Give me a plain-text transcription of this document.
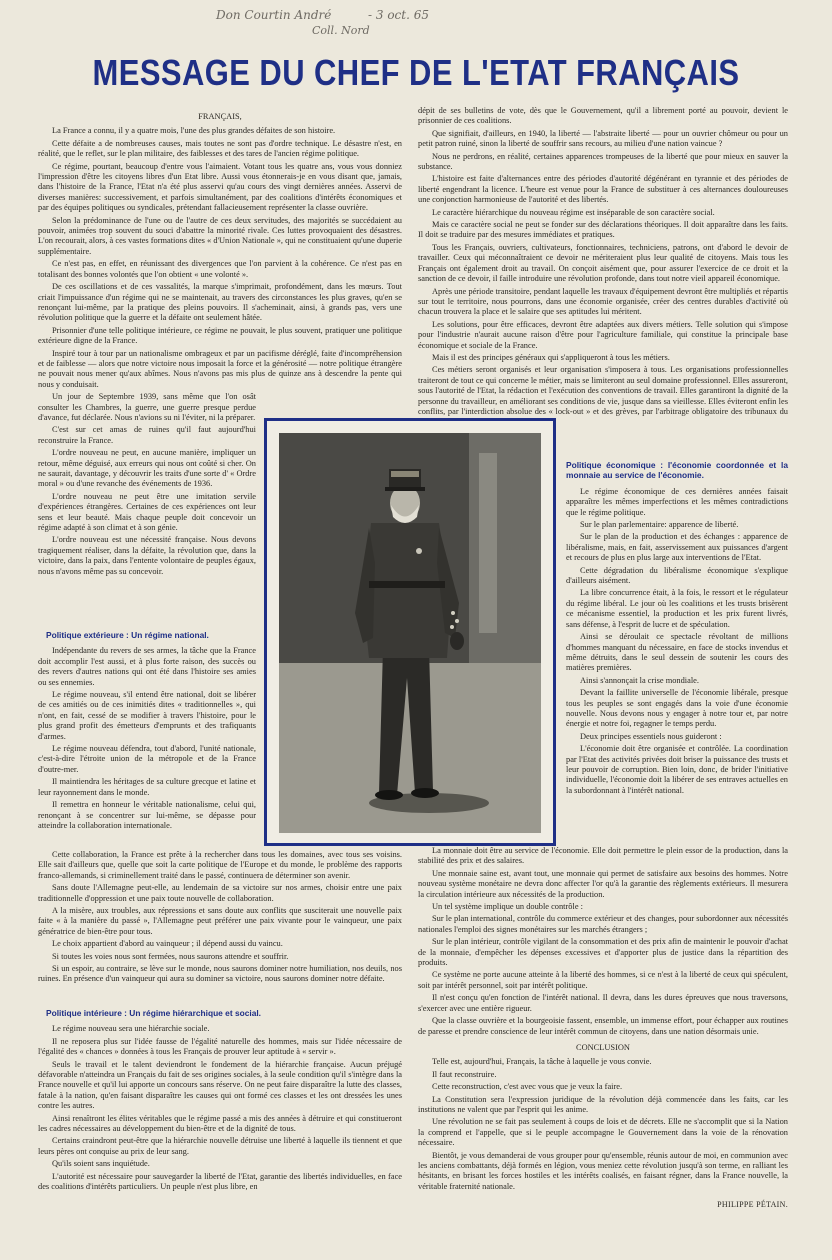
Don Courtin André	- 3 oct. 65
Coll. Nord
MESSAGE DU CHEF DE L'ETAT FRANÇAIS
FRANÇAIS,

La France a connu, il y a quatre mois, l'une des plus grandes défaites de son histoire.

Cette défaite a de nombreuses causes, mais toutes ne sont pas d'ordre technique. Le désastre n'est, en réalité, que le reflet, sur le plan militaire, des faiblesses et des tares de l'ancien régime politique.

Ce régime, pourtant, beaucoup d'entre vous l'aimaient. Votant tous les quatre ans, vous vous donniez l'impression d'être les citoyens libres d'un Etat libre. Aussi vous étonnerais-je en vous disant que, jamais, dans l'histoire de la France, l'Etat n'a été plus asservi qu'au cours des vingt dernières années. Asservi de diverses manières: successivement, et parfois simultanément, par des coalitions d'intérêts économiques et par des équipes politiques ou syndicales, prétendant fallacieusement représenter la classe ouvrière.

Selon la prédominance de l'une ou de l'autre de ces deux servitudes, des majorités se succédaient au pouvoir, animées trop souvent du souci d'abattre la minorité rivale. Ces luttes provoquaient des désastres. L'on recourait, alors, à ces vastes formations dites « d'Union Nationale », qui ne constituaient qu'une duperie supplémentaire.

Ce n'est pas, en effet, en réunissant des divergences que l'on parvient à la cohérence. Ce n'est pas en totalisant des bonnes volontés que l'on obtient « une volonté ».

De ces oscillations et de ces vassalités, la marque s'imprimait, profondément, dans les mœurs. Tout criait l'impuissance d'un régime qui ne se maintenait, au travers des circonstances les plus graves, qu'en se renonçant lui-même, par la pratique des pleins pouvoirs. Il s'acheminait, ainsi, à grands pas, vers une révolution politique que la guerre et la défaite ont seulement hâtée.

Prisonnier d'une telle politique intérieure, ce régime ne pouvait, le plus souvent, pratiquer une politique extérieure digne de la France.

Inspiré tour à tour par un nationalisme ombrageux et par un pacifisme déréglé, faite d'incompréhension et de faiblesse — alors que notre victoire nous imposait la force et la générosité — notre politique étrangère ne pouvait nous mener qu'aux abîmes. Nous n'avons pas mis plus de quinze ans à descendre la pente qui nous y conduisait.

Un jour de Septembre 1939, sans même que l'on osât consulter les Chambres, la guerre, une guerre presque perdue d'avance, fut déclarée. Nous n'avions su ni l'éviter, ni la préparer.

C'est sur cet amas de ruines qu'il faut aujourd'hui reconstruire la France.

L'ordre nouveau ne peut, en aucune manière, impliquer un retour, même déguisé, aux erreurs qui nous ont coûté si cher. On ne saurait, davantage, y découvrir les traits d'une sorte d' « Ordre moral » ou d'une revanche des événements de 1936.

L'ordre nouveau ne peut être une imitation servile d'expériences étrangères. Certaines de ces expériences ont leur sens et leur beauté. Mais chaque peuple doit concevoir un régime adapté à son climat et à son génie.

L'ordre nouveau est une nécessité française. Nous devons tragiquement réaliser, dans la défaite, la révolution que, dans la victoire, dans la paix, dans l'entente volontaire de peuples égaux, nous n'avons même pas su concevoir.

Politique extérieure : Un régime national.

Indépendante du revers de ses armes, la tâche que la France doit accomplir l'est aussi, et à plus forte raison, des succès ou des revers d'autres nations qui ont été dans l'histoire ses amies ou ses ennemies.

Le régime nouveau, s'il entend être national, doit se libérer de ces amitiés ou de ces inimitiés dites « traditionnelles », qui n'ont, en fait, cessé de se modifier à travers l'histoire, pour le plus grand profit des émetteurs d'emprunts et des trafiquants d'armes.

Le régime nouveau défendra, tout d'abord, l'unité nationale, c'est-à-dire l'étroite union de la métropole et de la France d'outre-mer.

Il maintiendra les héritages de sa culture grecque et latine et leur rayonnement dans le monde.

Il remettra en honneur le véritable nationalisme, celui qui, renonçant à se concentrer sur lui-même, se dépasse pour atteindre la collaboration internationale.

Cette collaboration, la France est prête à la rechercher dans tous les domaines, avec tous ses voisins. Elle sait d'ailleurs que, quelle que soit la carte politique de l'Europe et du monde, le problème des rapports franco-allemands, si criminellement traité dans le passé, continuera de déterminer son avenir.

Sans doute l'Allemagne peut-elle, au lendemain de sa victoire sur nos armes, choisir entre une paix traditionnelle d'oppression et une paix toute nouvelle de collaboration.

A la misère, aux troubles, aux répressions et sans doute aux conflits que susciterait une nouvelle paix faite « à la manière du passé », l'Allemagne peut préférer une paix vivante pour le vainqueur, une paix génératrice de bien-être pour tous.

Le choix appartient d'abord au vainqueur ; il dépend aussi du vaincu.

Si toutes les voies nous sont fermées, nous saurons attendre et souffrir.

Si un espoir, au contraire, se lève sur le monde, nous saurons dominer notre humiliation, nos deuils, nos ruines. En présence d'un vainqueur qui aura su dominer sa victoire, nous saurons dominer notre défaite.

Politique intérieure : Un régime hiérarchique et social.

Le régime nouveau sera une hiérarchie sociale.

Il ne reposera plus sur l'idée fausse de l'égalité naturelle des hommes, mais sur l'idée nécessaire de l'égalité des « chances » données à tous les Français de prouver leur aptitude à « servir ».

Seuls le travail et le talent deviendront le fondement de la hiérarchie française. Aucun préjugé défavorable n'atteindra un Français du fait de ses origines sociales, à la seule condition qu'il s'intègre dans la France nouvelle et qu'il lui apporte un concours sans réserve. On ne peut faire disparaître la lutte des classes, fatale à la nation, qu'en faisant disparaître les causes qui ont formé ces classes et les ont dressées les unes contre les autres.

Ainsi renaîtront les élites véritables que le régime passé a mis des années à détruire et qui constitueront les cadres nécessaires au développement du bien-être et de la dignité de tous.

Certains craindront peut-être que la hiérarchie nouvelle détruise une liberté à laquelle ils tiennent et que leurs pères ont conquise au prix de leur sang.

Qu'ils soient sans inquiétude.

L'autorité est nécessaire pour sauvegarder la liberté de l'Etat, garantie des libertés individuelles, en face des coalitions d'intérêts particuliers. Un peuple n'est plus libre, en

dépit de ses bulletins de vote, dès que le Gouvernement, qu'il a librement porté au pouvoir, devient le prisonnier de ces coalitions.

Que signifiait, d'ailleurs, en 1940, la liberté — l'abstraite liberté — pour un ouvrier chômeur ou pour un petit patron ruiné, sinon la liberté de souffrir sans recours, au milieu d'une nation vaincue ?

Nous ne perdrons, en réalité, certaines apparences trompeuses de la liberté que pour mieux en sauver la substance.

L'histoire est faite d'alternances entre des périodes d'autorité dégénérant en tyrannie et des périodes de liberté engendrant la licence. L'heure est venue pour la France de substituer à ces alternances douloureuses une conjonction harmonieuse de l'autorité et des libertés.

Le caractère hiérarchique du nouveau régime est inséparable de son caractère social.

Mais ce caractère social ne peut se fonder sur des déclarations théoriques. Il doit apparaître dans les faits. Il doit se traduire par des mesures immédiates et pratiques.

Tous les Français, ouvriers, cultivateurs, fonctionnaires, techniciens, patrons, ont d'abord le devoir de travailler. Ceux qui méconnaîtraient ce devoir ne mériteraient plus leur qualité de citoyens. Mais tous les Français ont également droit au travail. On conçoit aisément que, pour assurer l'exercice de ce droit et la sanction de ce devoir, il faille introduire une révolution profonde, dans tout notre vieil appareil économique.

Après une période transitoire, pendant laquelle les travaux d'équipement devront être multipliés et répartis sur tout le territoire, nous pourrons, dans une économie organisée, créer des centres durables d'activité où chacun trouvera la place et le salaire que ses aptitudes lui méritent.

Les solutions, pour être efficaces, devront être adaptées aux divers métiers. Telle solution qui s'impose pour l'industrie n'aurait aucune raison d'être pour l'agriculture familiale, qui constitue la principale base économique et sociale de la France.

Mais il est des principes généraux qui s'appliqueront à tous les métiers.

Ces métiers seront organisés et leur organisation s'imposera à tous. Les organisations professionnelles traiteront de tout ce qui concerne le métier, mais se limiteront au seul domaine professionnel. Elles assureront, sous l'autorité de l'Etat, la rédaction et l'exécution des conventions de travail. Elles garantiront la dignité de la personne du travailleur, en améliorant ses conditions de vie, jusque dans sa vieillesse. Elles éviteront enfin les conflits, par l'interdiction absolue des « lock-out » et des grèves, par l'arbitrage obligatoire des tribunaux du

Politique économique : l'économie coordonnée et la monnaie au service de l'économie.

Le régime économique de ces dernières années faisait apparaître les mêmes imperfections et les mêmes contradictions que le régime politique.

Sur le plan parlementaire: apparence de liberté.

Sur le plan de la production et des échanges : apparence de libéralisme, mais, en fait, asservissement aux puissances d'argent et recours de plus en plus large aux interventions de l'Etat.

Cette dégradation du libéralisme économique s'explique d'ailleurs aisément.

La libre concurrence était, à la fois, le ressort et le régulateur du régime libéral. Le jour où les coalitions et les trusts brisèrent ce mécanisme essentiel, la production et les prix furent livrés, sans défense, à l'esprit de lucre et de spéculation.

Ainsi se déroulait ce spectacle révoltant de millions d'hommes manquant du nécessaire, en face de stocks invendus et même détruits, dans le seul dessein de soutenir les cours des matières premières.

Ainsi s'annonçait la crise mondiale.

Devant la faillite universelle de l'économie libérale, presque tous les peuples se sont engagés dans la voie d'une économie nouvelle. Nous devons nous y engager à notre tour et, par notre énergie et notre foi, regagner le temps perdu.

Deux principes essentiels nous guideront :

L'économie doit être organisée et contrôlée. La coordination par l'Etat des activités privées doit briser la puissance des trusts et leur pouvoir de corruption. Bien loin, donc, de brider l'initiative individuelle, l'économie doit la libérer de ses entraves actuelles en la subordonnant à l'intérêt national.

La monnaie doit être au service de l'économie. Elle doit permettre le plein essor de la production, dans la stabilité des prix et des salaires.

Une monnaie saine est, avant tout, une monnaie qui permet de satisfaire aux besoins des hommes. Notre nouveau système monétaire ne devra donc affecter l'or qu'à la garantie des règlements extérieurs. Il mesurera la circulation intérieure aux nécessités de la production.

Un tel système implique un double contrôle :

Sur le plan international, contrôle du commerce extérieur et des changes, pour subordonner aux nécessités nationales l'emploi des signes monétaires sur les marchés étrangers ;

Sur le plan intérieur, contrôle vigilant de la consommation et des prix afin de maintenir le pouvoir d'achat de la monnaie, d'empêcher les dépenses excessives et d'apporter plus de justice dans la répartition des produits.

Ce système ne porte aucune atteinte à la liberté des hommes, si ce n'est à la liberté de ceux qui spéculent, soit par intérêt personnel, soit par intérêt politique.

Il n'est conçu qu'en fonction de l'intérêt national. Il devra, dans les dures épreuves que nous traversons, s'exercer avec une entière rigueur.

Que la classe ouvrière et la bourgeoisie fassent, ensemble, un immense effort, pour échapper aux routines de paresse et prendre conscience de leur intérêt commun de citoyens, dans une nation désormais unie.

CONCLUSION

Telle est, aujourd'hui, Français, la tâche à laquelle je vous convie.

Il faut reconstruire.

Cette reconstruction, c'est avec vous que je veux la faire.

La Constitution sera l'expression juridique de la révolution déjà commencée dans les faits, car les institutions ne valent que par l'esprit qui les anime.

Une révolution ne se fait pas seulement à coups de lois et de décrets. Elle ne s'accomplit que si la Nation la comprend et l'appelle, que si le peuple accompagne le Gouvernement dans la voie de la rénovation nécessaire.

Bientôt, je vous demanderai de vous grouper pour qu'ensemble, réunis autour de moi, en communion avec les anciens combattants, déjà formés en légion, vous meniez cette révolution jusqu'à son terme, en ralliant les hésitants, en brisant les forces hostiles et les intérêts coalisés, en faisant régner, dans la France nouvelle, la véritable fraternité nationale.

PHILIPPE PÉTAIN.
